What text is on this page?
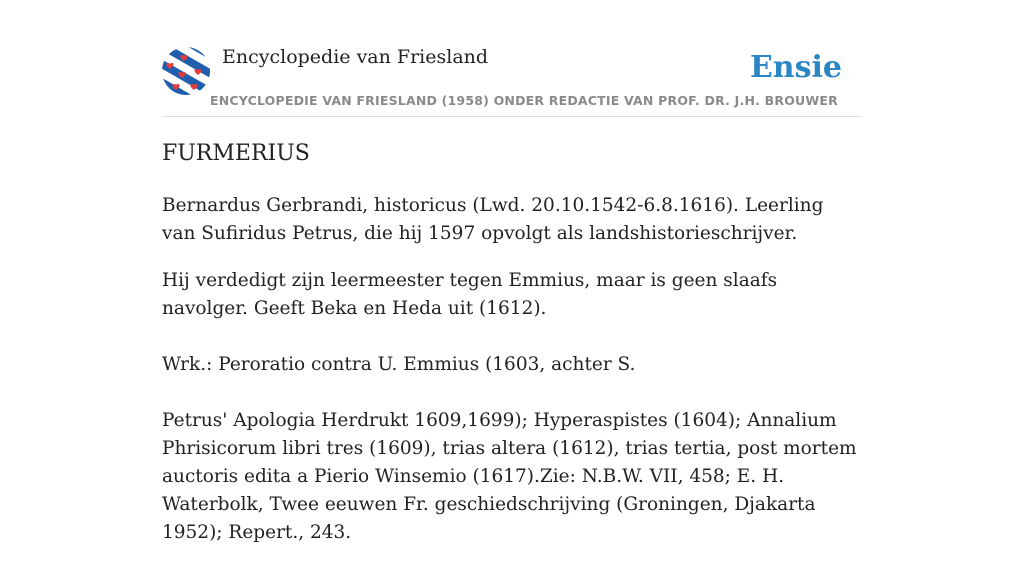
Encyclopedie van Friesland	Ensie
ENCYCLOPEDIE VAN FRIESLAND (1958) ONDER REDACTIE VAN PROF. DR. J.H. BROUWER
FURMERIUS

Bernardus Gerbrandi, historicus (Lwd. 20.10.1542-6.8.1616). Leerling van Sufiridus Petrus, die hij 1597 opvolgt als landshistorieschrijver.

Hij verdedigt zijn leermeester tegen Emmius, maar is geen slaafs navolger. Geeft Beka en Heda uit (1612).

Wrk.: Peroratio contra U. Emmius (1603, achter S.

Petrus' Apologia Herdrukt 1609,1699); Hyperaspistes (1604); Annalium Phrisicorum libri tres (1609), trias altera (1612), trias tertia, post mortem auctoris edita a Pierio Winsemio (1617).Zie: N.B.W. VII, 458; E. H. Waterbolk, Twee eeuwen Fr. geschiedschrijving (Groningen, Djakarta 1952); Repert., 243.
